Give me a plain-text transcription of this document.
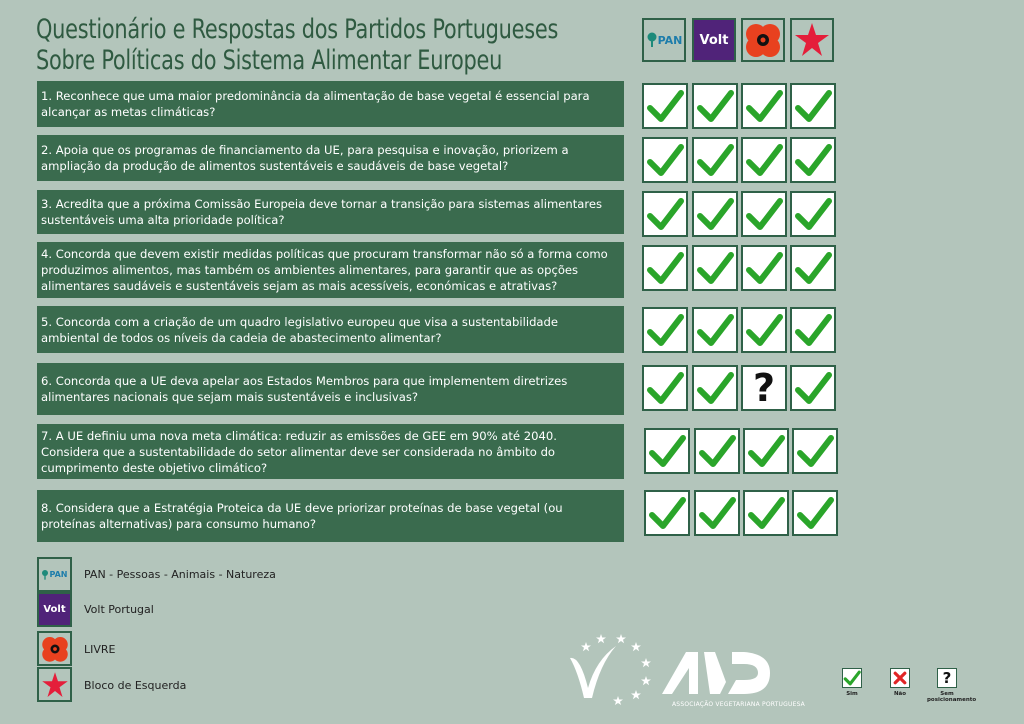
Questionário e Respostas dos Partidos Portugueses
Sobre Políticas do Sistema Alimentar Europeu
PAN Volt
1. Reconhece que uma maior predominância da alimentação de base vegetal é essencial para alcançar as metas climáticas?
2. Apoia que os programas de financiamento da UE, para pesquisa e inovação, priorizem a ampliação da produção de alimentos sustentáveis e saudáveis de base vegetal?
3. Acredita que a próxima Comissão Europeia deve tornar a transição para sistemas alimentares sustentáveis uma alta prioridade política?
4. Concorda que devem existir medidas políticas que procuram transformar não só a forma como produzimos alimentos, mas também os ambientes alimentares, para garantir que as opções alimentares saudáveis e sustentáveis sejam as mais acessíveis, económicas e atrativas?
5. Concorda com a criação de um quadro legislativo europeu que visa a sustentabilidade ambiental de todos os níveis da cadeia de abastecimento alimentar?
6. Concorda que a UE deva apelar aos Estados Membros para que implementem diretrizes alimentares nacionais que sejam mais sustentáveis e inclusivas?
7. A UE definiu uma nova meta climática: reduzir as emissões de GEE em 90% até 2040. Considera que a sustentabilidade do setor alimentar deve ser considerada no âmbito do cumprimento deste objetivo climático?
8. Considera que a Estratégia Proteica da UE deve priorizar proteínas de base vegetal (ou proteínas alternativas) para consumo humano?
?
PAN PAN - Pessoas - Animais - Natureza
Volt Volt Portugal
LIVRE
Bloco de Esquerda
ASSOCIAÇÃO VEGETARIANA PORTUGUESA
Sim	Não
?
Sem
posicionamento
